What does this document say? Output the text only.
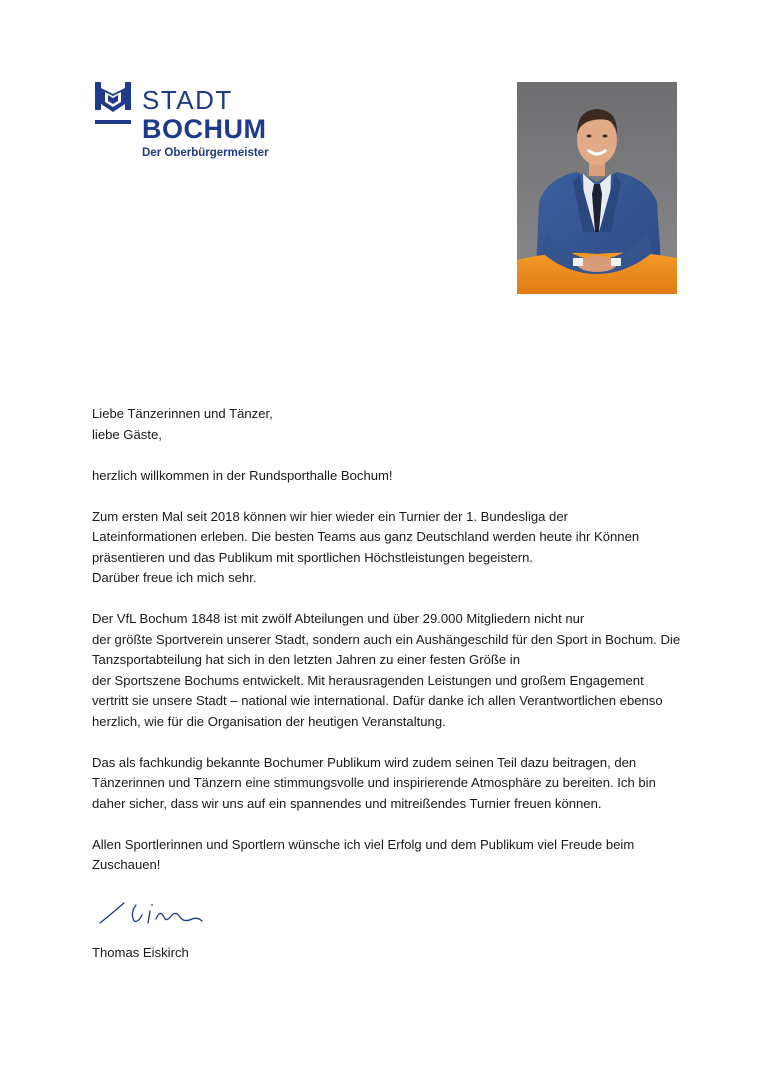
STADT
BOCHUM
Der Oberbürgermeister

Liebe Tänzerinnen und Tänzer,
liebe Gäste,

herzlich willkommen in der Rundsporthalle Bochum!

Zum ersten Mal seit 2018 können wir hier wieder ein Turnier der 1. Bundesliga der
Lateinformationen erleben. Die besten Teams aus ganz Deutschland werden heute ihr Können
präsentieren und das Publikum mit sportlichen Höchstleistungen begeistern.
Darüber freue ich mich sehr.

Der VfL Bochum 1848 ist mit zwölf Abteilungen und über 29.000 Mitgliedern nicht nur
der größte Sportverein unserer Stadt, sondern auch ein Aushängeschild für den Sport in Bochum. Die
Tanzsportabteilung hat sich in den letzten Jahren zu einer festen Größe in
der Sportszene Bochums entwickelt. Mit herausragenden Leistungen und großem Engagement
vertritt sie unsere Stadt – national wie international. Dafür danke ich allen Verantwortlichen ebenso
herzlich, wie für die Organisation der heutigen Veranstaltung.

Das als fachkundig bekannte Bochumer Publikum wird zudem seinen Teil dazu beitragen, den
Tänzerinnen und Tänzern eine stimmungsvolle und inspirierende Atmosphäre zu bereiten. Ich bin
daher sicher, dass wir uns auf ein spannendes und mitreißendes Turnier freuen können.

Allen Sportlerinnen und Sportlern wünsche ich viel Erfolg und dem Publikum viel Freude beim
Zuschauen!

Thomas Eiskirch
